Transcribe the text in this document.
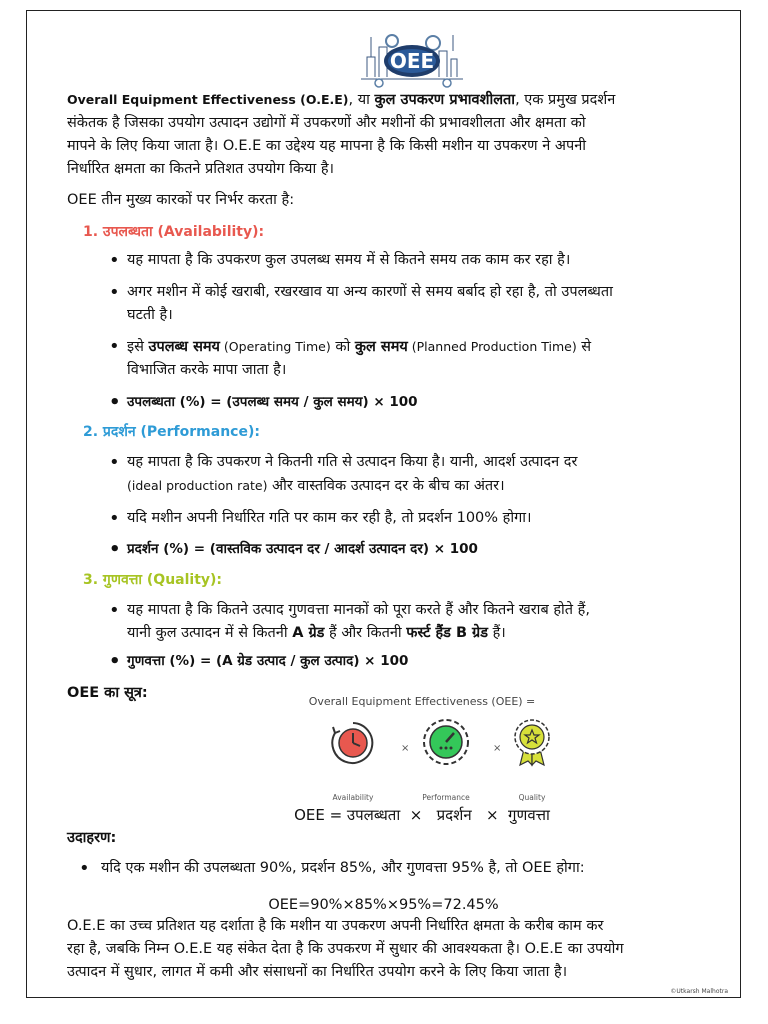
OEE
Overall Equipment Effectiveness (O.E.E), या कुल उपकरण प्रभावशीलता, एक प्रमुख प्रदर्शन
संकेतक है जिसका उपयोग उत्पादन उद्योगों में उपकरणों और मशीनों की प्रभावशीलता और क्षमता को
मापने के लिए किया जाता है। O.E.E का उद्देश्य यह मापना है कि किसी मशीन या उपकरण ने अपनी
निर्धारित क्षमता का कितने प्रतिशत उपयोग किया है।
OEE तीन मुख्य कारकों पर निर्भर करता है:
1. उपलब्धता (Availability):
• यह मापता है कि उपकरण कुल उपलब्ध समय में से कितने समय तक काम कर रहा है।
• अगर मशीन में कोई खराबी, रखरखाव या अन्य कारणों से समय बर्बाद हो रहा है, तो उपलब्धता
घटती है।
• इसे उपलब्ध समय (Operating Time) को कुल समय (Planned Production Time) से
विभाजित करके मापा जाता है।
• उपलब्धता (%) = (उपलब्ध समय / कुल समय) × 100
2. प्रदर्शन (Performance):
• यह मापता है कि उपकरण ने कितनी गति से उत्पादन किया है। यानी, आदर्श उत्पादन दर
(ideal production rate) और वास्तविक उत्पादन दर के बीच का अंतर।
• यदि मशीन अपनी निर्धारित गति पर काम कर रही है, तो प्रदर्शन 100% होगा।
• प्रदर्शन (%) = (वास्तविक उत्पादन दर / आदर्श उत्पादन दर) × 100
3. गुणवत्ता (Quality):
• यह मापता है कि कितने उत्पाद गुणवत्ता मानकों को पूरा करते हैं और कितने खराब होते हैं,
यानी कुल उत्पादन में से कितनी A ग्रेड हैं और कितनी फर्स्ट हैंड B ग्रेड हैं।
• गुणवत्ता (%) = (A ग्रेड उत्पाद / कुल उत्पाद) × 100
OEE का सूत्र:
Overall Equipment Effectiveness (OEE) =
×	×
Availability	Performance	Quality
OEE = उपलब्धता  ×   प्रदर्शन   ×  गुणवत्ता
उदाहरण:
• यदि एक मशीन की उपलब्धता 90%, प्रदर्शन 85%, और गुणवत्ता 95% है, तो OEE होगा:
OEE=90%×85%×95%=72.45%
O.E.E का उच्च प्रतिशत यह दर्शाता है कि मशीन या उपकरण अपनी निर्धारित क्षमता के करीब काम कर
रहा है, जबकि निम्न O.E.E यह संकेत देता है कि उपकरण में सुधार की आवश्यकता है। O.E.E का उपयोग
उत्पादन में सुधार, लागत में कमी और संसाधनों का निर्धारित उपयोग करने के लिए किया जाता है।
©Utkarsh Malhotra
